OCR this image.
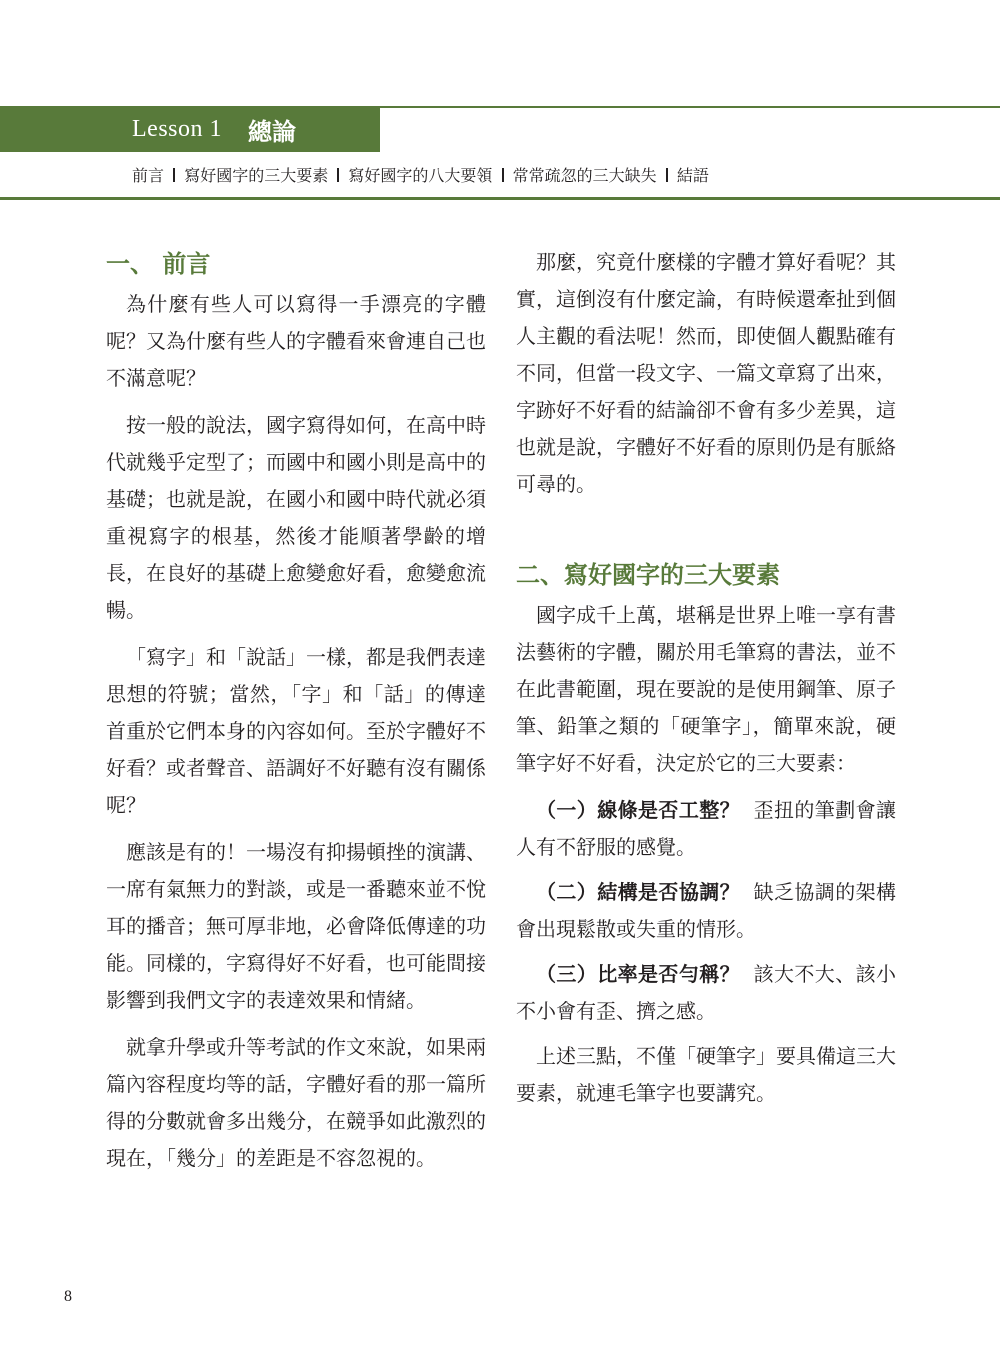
Lesson 1 總論
前言 寫好國字的三大要素 寫好國字的八大要領 常常疏忽的三大缺失 結語
一、 前言

為什麼有些人可以寫得一手漂亮的字體呢？又為什麼有些人的字體看來會連自己也不滿意呢？

按一般的說法，國字寫得如何，在高中時代就幾乎定型了；而國中和國小則是高中的基礎；也就是說，在國小和國中時代就必須重視寫字的根基，然後才能順著學齡的增長，在良好的基礎上愈變愈好看，愈變愈流暢。

「寫字」和「說話」一樣，都是我們表達思想的符號；當然，「字」和「話」的傳達首重於它們本身的內容如何。至於字體好不好看？或者聲音、語調好不好聽有沒有關係呢？

應該是有的！一場沒有抑揚頓挫的演講、一席有氣無力的對談，或是一番聽來並不悅耳的播音；無可厚非地，必會降低傳達的功能。同樣的，字寫得好不好看，也可能間接影響到我們文字的表達效果和情緒。

就拿升學或升等考試的作文來說，如果兩篇內容程度均等的話，字體好看的那一篇所得的分數就會多出幾分，在競爭如此激烈的現在，「幾分」的差距是不容忽視的。

那麼，究竟什麼樣的字體才算好看呢？其實，這倒沒有什麼定論，有時候還牽扯到個人主觀的看法呢！然而，即使個人觀點確有不同，但當一段文字、一篇文章寫了出來，字跡好不好看的結論卻不會有多少差異，這也就是說，字體好不好看的原則仍是有脈絡可尋的。

二、寫好國字的三大要素

國字成千上萬，堪稱是世界上唯一享有書法藝術的字體，關於用毛筆寫的書法，並不在此書範圍，現在要說的是使用鋼筆、原子筆、鉛筆之類的「硬筆字」，簡單來說，硬筆字好不好看，決定於它的三大要素：

（一）線條是否工整？ 歪扭的筆劃會讓人有不舒服的感覺。

（二）結構是否協調？ 缺乏協調的架構會出現鬆散或失重的情形。

（三）比率是否勻稱？ 該大不大、該小不小會有歪、擠之感。

上述三點，不僅「硬筆字」要具備這三大要素，就連毛筆字也要講究。

8
